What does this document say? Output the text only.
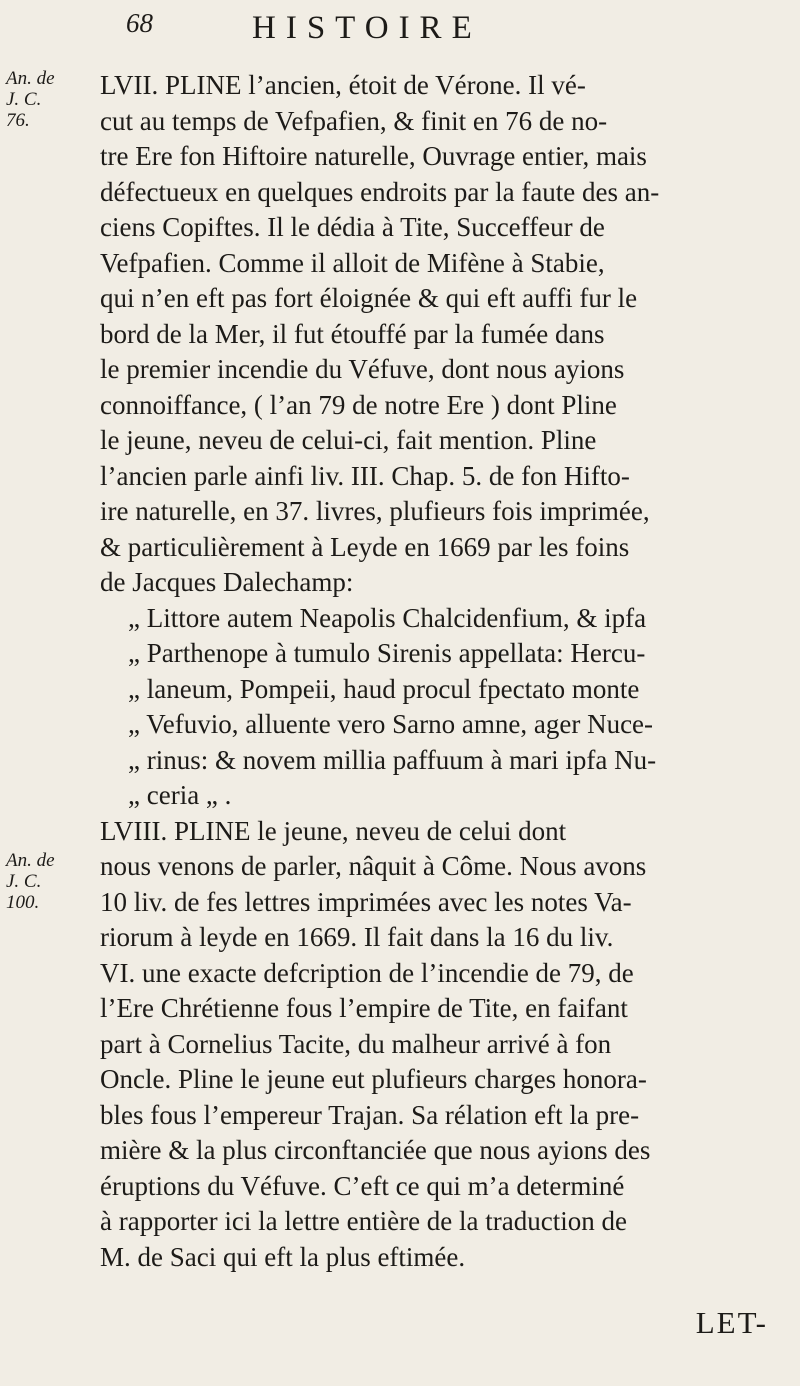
68	HISTOIRE
An. de
J. C.
76.
An. de
J. C.
100.
LVII. PLINE l’ancien, étoit de Vérone. Il vé-
cut au temps de Vefpafien, & finit en 76 de no-
tre Ere fon Hiftoire naturelle, Ouvrage entier, mais
défectueux en quelques endroits par la faute des an-
ciens Copiftes. Il le dédia à Tite, Succeffeur de
Vefpafien. Comme il alloit de Mifène à Stabie,
qui n’en eft pas fort éloignée & qui eft auffi fur le
bord de la Mer, il fut étouffé par la fumée dans
le premier incendie du Véfuve, dont nous ayions
connoiffance, ( l’an 79 de notre Ere ) dont Pline
le jeune, neveu de celui-ci, fait mention. Pline
l’ancien parle ainfi liv. III. Chap. 5. de fon Hifto-
ire naturelle, en 37. livres, plufieurs fois imprimée,
& particulièrement à Leyde en 1669 par les foins
de Jacques Dalechamp:
„ Littore autem Neapolis Chalcidenfium, & ipfa
„ Parthenope à tumulo Sirenis appellata: Hercu-
„ laneum, Pompeii, haud procul fpectato monte
„ Vefuvio, alluente vero Sarno amne, ager Nuce-
„ rinus: & novem millia paffuum à mari ipfa Nu-
„ ceria „ .
LVIII. PLINE le jeune, neveu de celui dont
nous venons de parler, nâquit à Côme. Nous avons
10 liv. de fes lettres imprimées avec les notes Va-
riorum à leyde en 1669. Il fait dans la 16 du liv.
VI. une exacte defcription de l’incendie de 79, de
l’Ere Chrétienne fous l’empire de Tite, en faifant
part à Cornelius Tacite, du malheur arrivé à fon
Oncle. Pline le jeune eut plufieurs charges honora-
bles fous l’empereur Trajan. Sa rélation eft la pre-
mière & la plus circonftanciée que nous ayions des
éruptions du Véfuve. C’eft ce qui m’a determiné
à rapporter ici la lettre entière de la traduction de
M. de Saci qui eft la plus eftimée.
LET-
